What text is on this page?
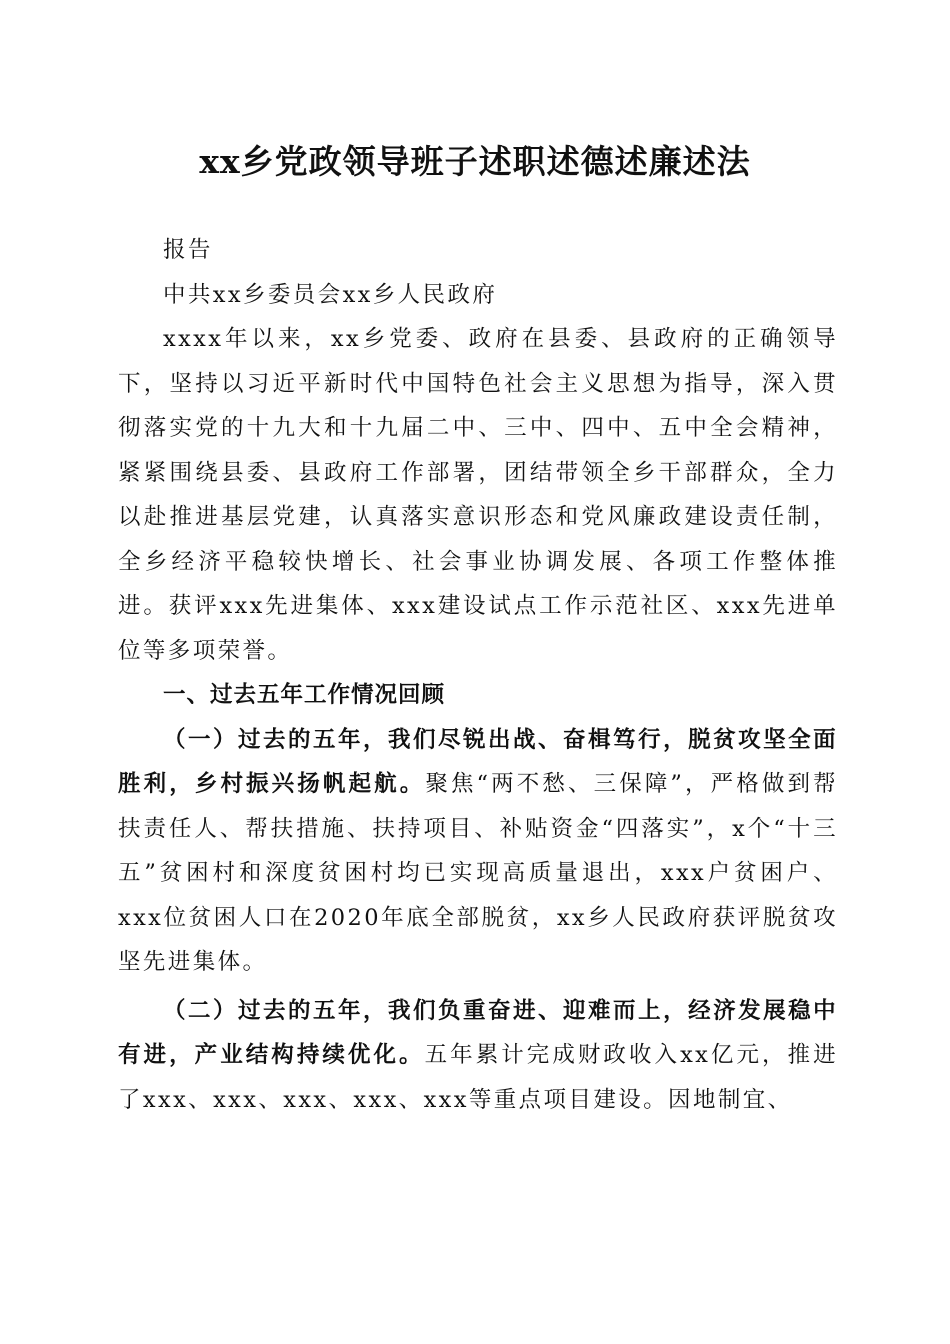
xx乡党政领导班子述职述德述廉述法

报告

中共xx乡委员会xx乡人民政府

xxxx年以来，xx乡党委、政府在县委、县政府的正确领导下，坚持以习近平新时代中国特色社会主义思想为指导，深入贯彻落实党的十九大和十九届二中、三中、四中、五中全会精神，紧紧围绕县委、县政府工作部署，团结带领全乡干部群众，全力以赴推进基层党建，认真落实意识形态和党风廉政建设责任制，全乡经济平稳较快增长、社会事业协调发展、各项工作整体推进。获评xxx先进集体、xxx建设试点工作示范社区、xxx先进单位等多项荣誉。

一、过去五年工作情况回顾

（一）过去的五年，我们尽锐出战、奋楫笃行，脱贫攻坚全面胜利，乡村振兴扬帆起航。聚焦“两不愁、三保障”，严格做到帮扶责任人、帮扶措施、扶持项目、补贴资金“四落实”，x个“十三五”贫困村和深度贫困村均已实现高质量退出，xxx户贫困户、xxx位贫困人口在2020年底全部脱贫，xx乡人民政府获评脱贫攻坚先进集体。

（二）过去的五年，我们负重奋进、迎难而上，经济发展稳中有进，产业结构持续优化。五年累计完成财政收入xx亿元，推进了xxx、xxx、xxx、xxx、xxx等重点项目建设。因地制宜、
